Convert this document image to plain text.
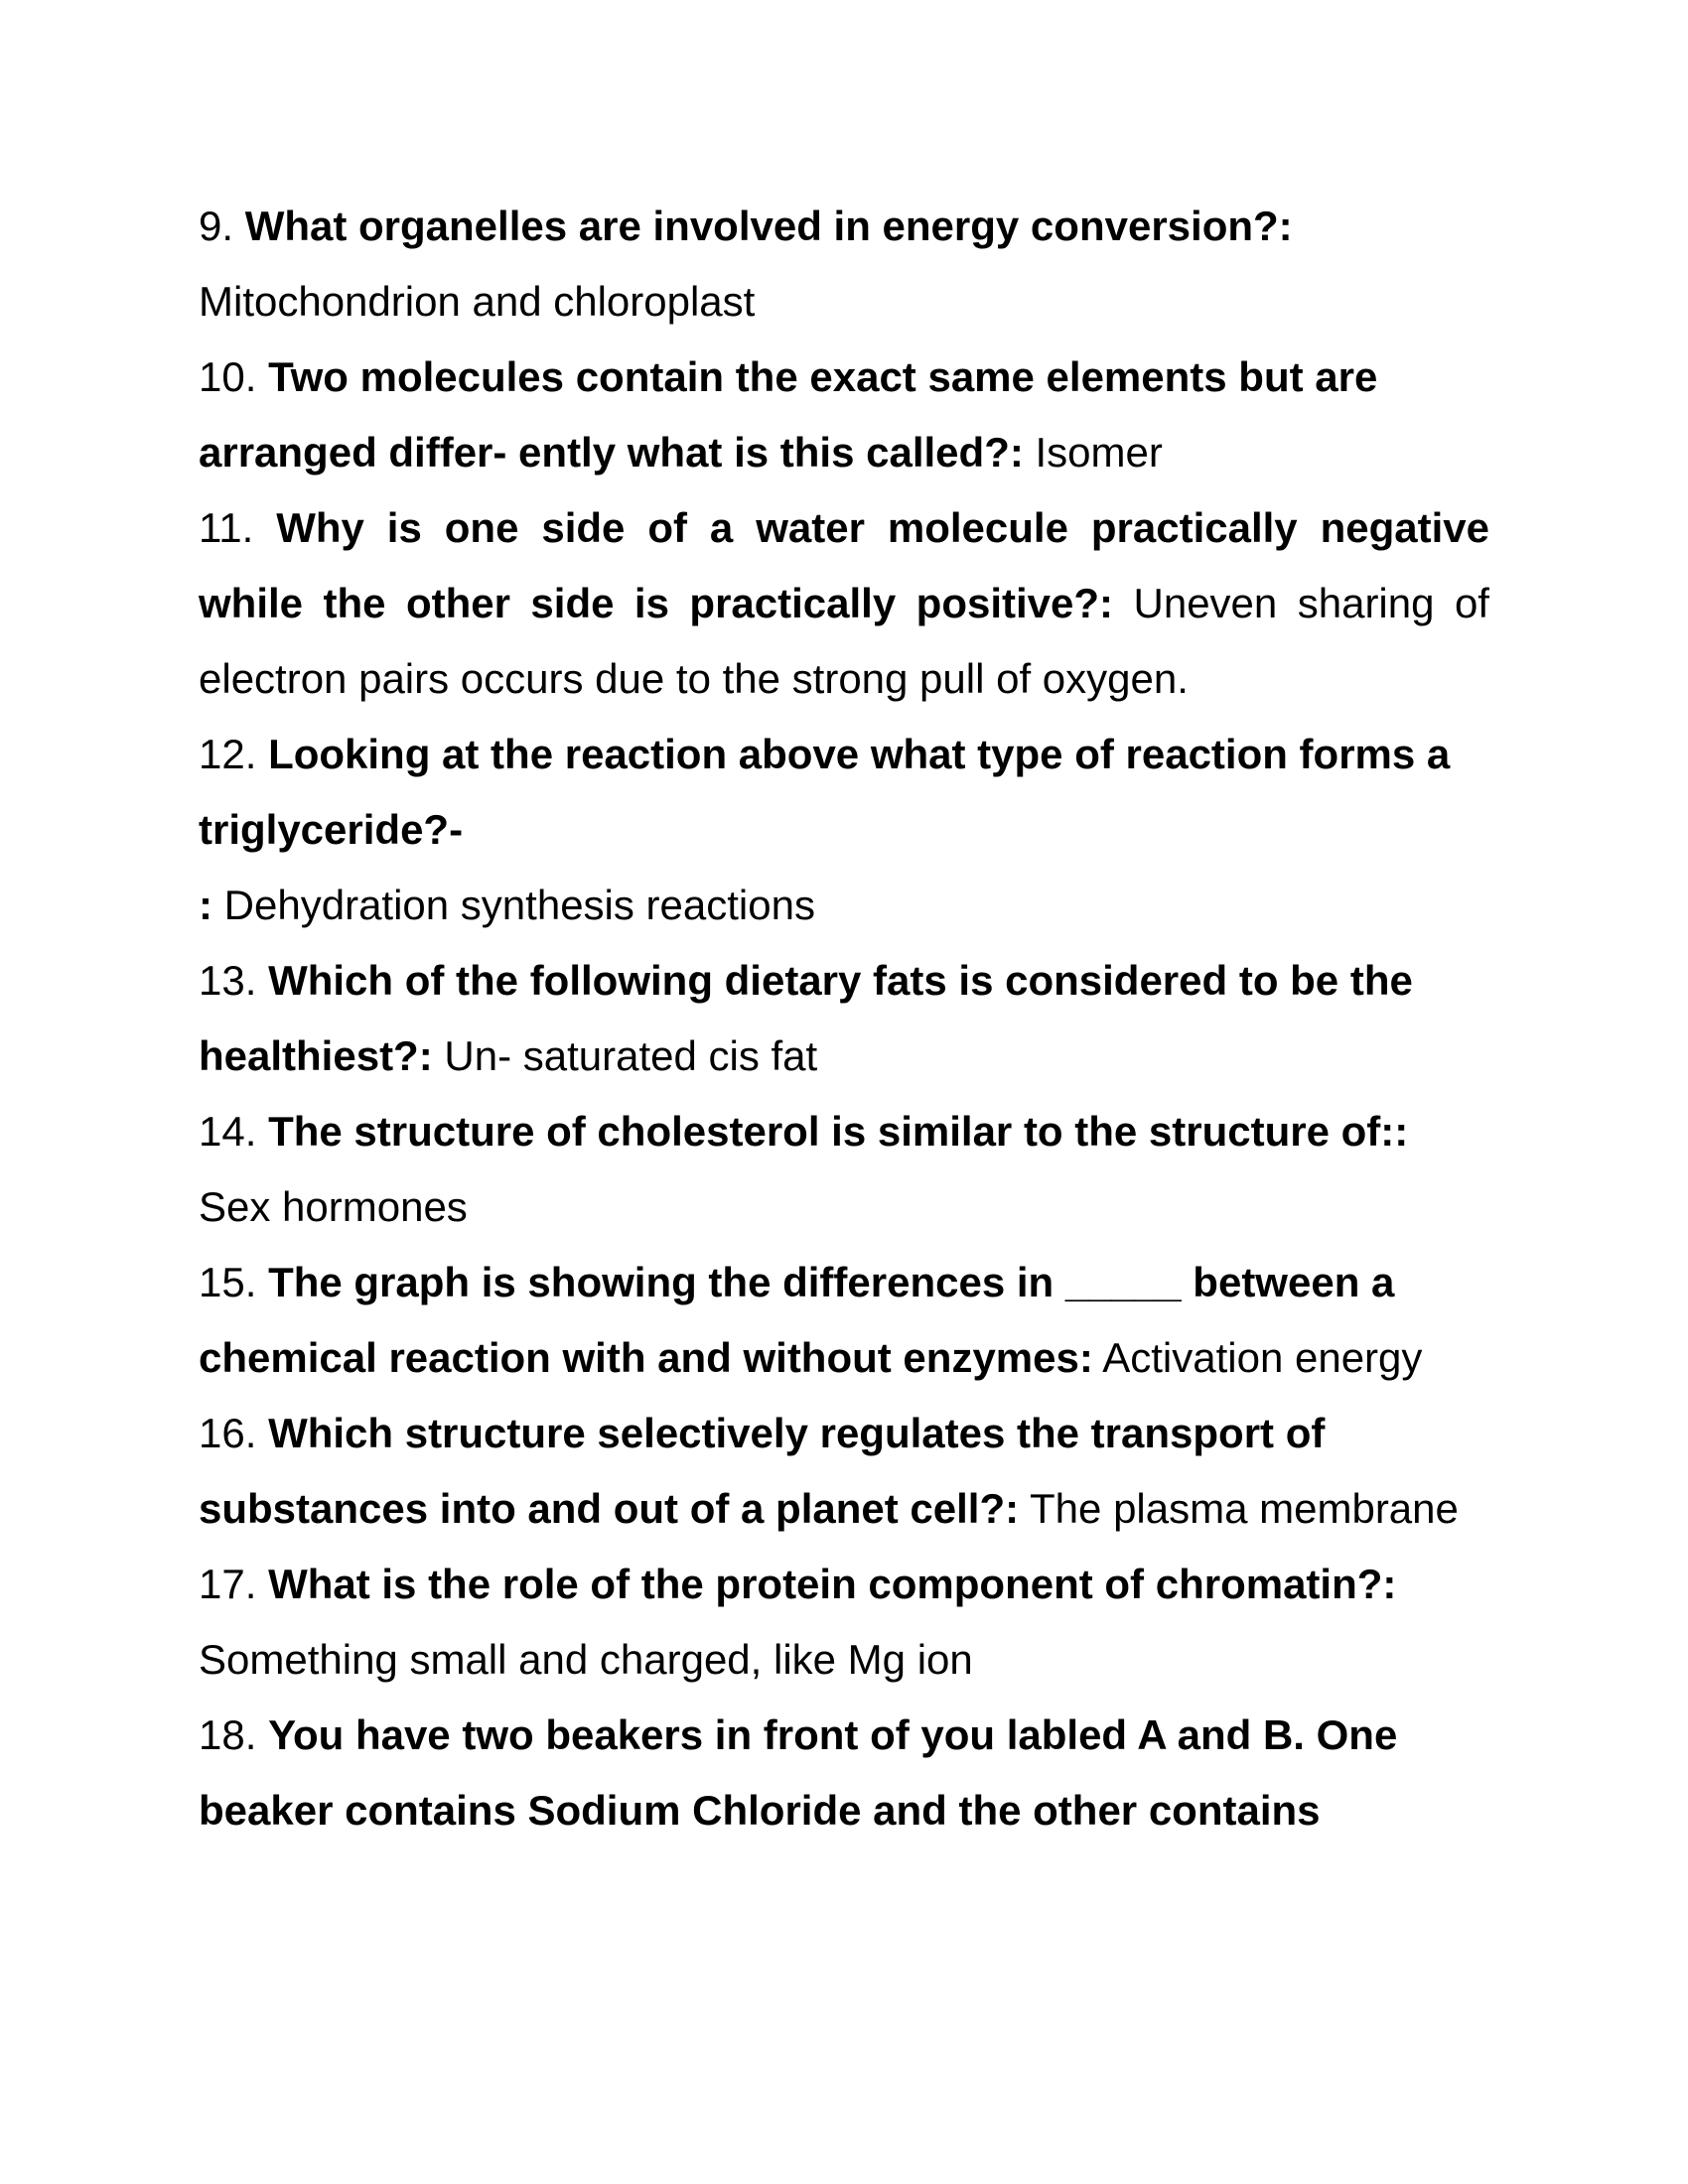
9. What organelles are involved in energy conversion?:
Mitochondrion and chloroplast

10. Two molecules contain the exact same elements but are arranged differ- ently what is this called?: Isomer

11. Why is one side of a water molecule practically negative while the other side is practically positive?: Uneven sharing of electron pairs occurs due to the strong pull of oxygen.

12. Looking at the reaction above what type of reaction forms a triglyceride?-
: Dehydration synthesis reactions

13. Which of the following dietary fats is considered to be the healthiest?: Un- saturated cis fat

14. The structure of cholesterol is similar to the structure of::
Sex hormones

15. The graph is showing the differences in _____ between a chemical reaction with and without enzymes: Activation energy

16. Which structure selectively regulates the transport of substances into and out of a planet cell?: The plasma membrane

17. What is the role of the protein component of chromatin?:
Something small and charged, like Mg ion

18. You have two beakers in front of you labled A and B. One beaker contains Sodium Chloride and the other contains
